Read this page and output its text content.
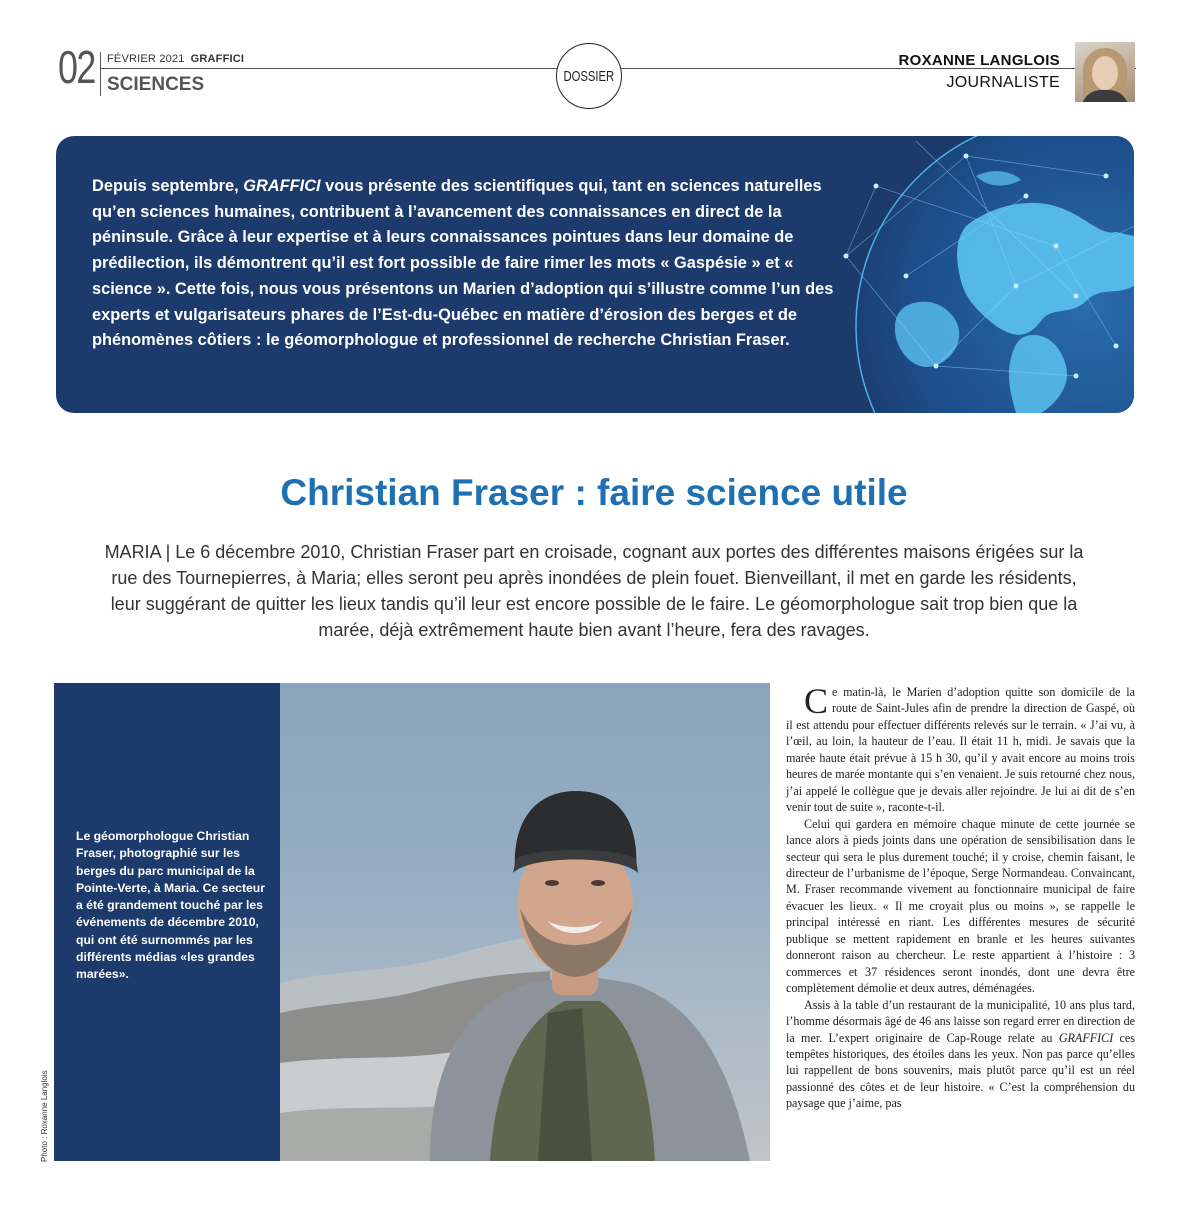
02 FÉVRIER 2021 GRAFFICI
SCIENCES	DOSSIER
ROXANNE LANGLOIS
JOURNALISTE

Depuis septembre, GRAFFICI vous présente des scientifiques qui, tant en sciences naturelles qu’en sciences humaines, contribuent à l’avancement des connaissances en direct de la péninsule. Grâce à leur expertise et à leurs connaissances pointues dans leur domaine de prédilection, ils démontrent qu’il est fort possible de faire rimer les mots « Gaspésie » et « science ». Cette fois, nous vous présentons un Marien d’adoption qui s’illustre comme l’un des experts et vulgarisateurs phares de l’Est-du-Québec en matière d’érosion des berges et de phénomènes côtiers : le géomorphologue et professionnel de recherche Christian Fraser.

Christian Fraser : faire science utile

MARIA | Le 6 décembre 2010, Christian Fraser part en croisade, cognant aux portes des différentes maisons érigées sur la rue des Tournepierres, à Maria; elles seront peu après inondées de plein fouet. Bienveillant, il met en garde les résidents, leur suggérant de quitter les lieux tandis qu’il leur est encore possible de le faire. Le géomorphologue sait trop bien que la marée, déjà extrêmement haute bien avant l’heure, fera des ravages.

Le géomorphologue Christian Fraser, photographié sur les berges du parc municipal de la Pointe-Verte, à Maria. Ce secteur a été grandement touché par les événements de décembre 2010, qui ont été surnommés par les différents médias «les grandes marées».

Photo : Roxanne Langlois

Ce matin-là, le Marien d’adoption quitte son domicile de la route de Saint-Jules afin de prendre la direction de Gaspé, où il est attendu pour effectuer différents relevés sur le terrain. « J’ai vu, à l’œil, au loin, la hauteur de l’eau. Il était 11 h, midi. Je savais que la marée haute était prévue à 15 h 30, qu’il y avait encore au moins trois heures de marée montante qui s’en venaient. Je suis retourné chez nous, j’ai appelé le collègue que je devais aller rejoindre. Je lui ai dit de s’en venir tout de suite », raconte-t-il.

Celui qui gardera en mémoire chaque minute de cette journée se lance alors à pieds joints dans une opération de sensibilisation dans le secteur qui sera le plus durement touché; il y croise, chemin faisant, le directeur de l’urbanisme de l’époque, Serge Normandeau. Convaincant, M. Fraser recommande vivement au fonctionnaire municipal de faire évacuer les lieux. « Il me croyait plus ou moins », se rappelle le principal intéressé en riant. Les différentes mesures de sécurité publique se mettent rapidement en branle et les heures suivantes donneront raison au chercheur. Le reste appartient à l’histoire : 3 commerces et 37 résidences seront inondés, dont une devra être complètement démolie et deux autres, déménagées.

Assis à la table d’un restaurant de la municipalité, 10 ans plus tard, l’homme désormais âgé de 46 ans laisse son regard errer en direction de la mer. L’expert originaire de Cap-Rouge relate au GRAFFICI ces tempêtes historiques, des étoiles dans les yeux. Non pas parce qu’elles lui rappellent de bons souvenirs, mais plutôt parce qu’il est un réel passionné des côtes et de leur histoire. « C’est la compréhension du paysage que j’aime, pas
